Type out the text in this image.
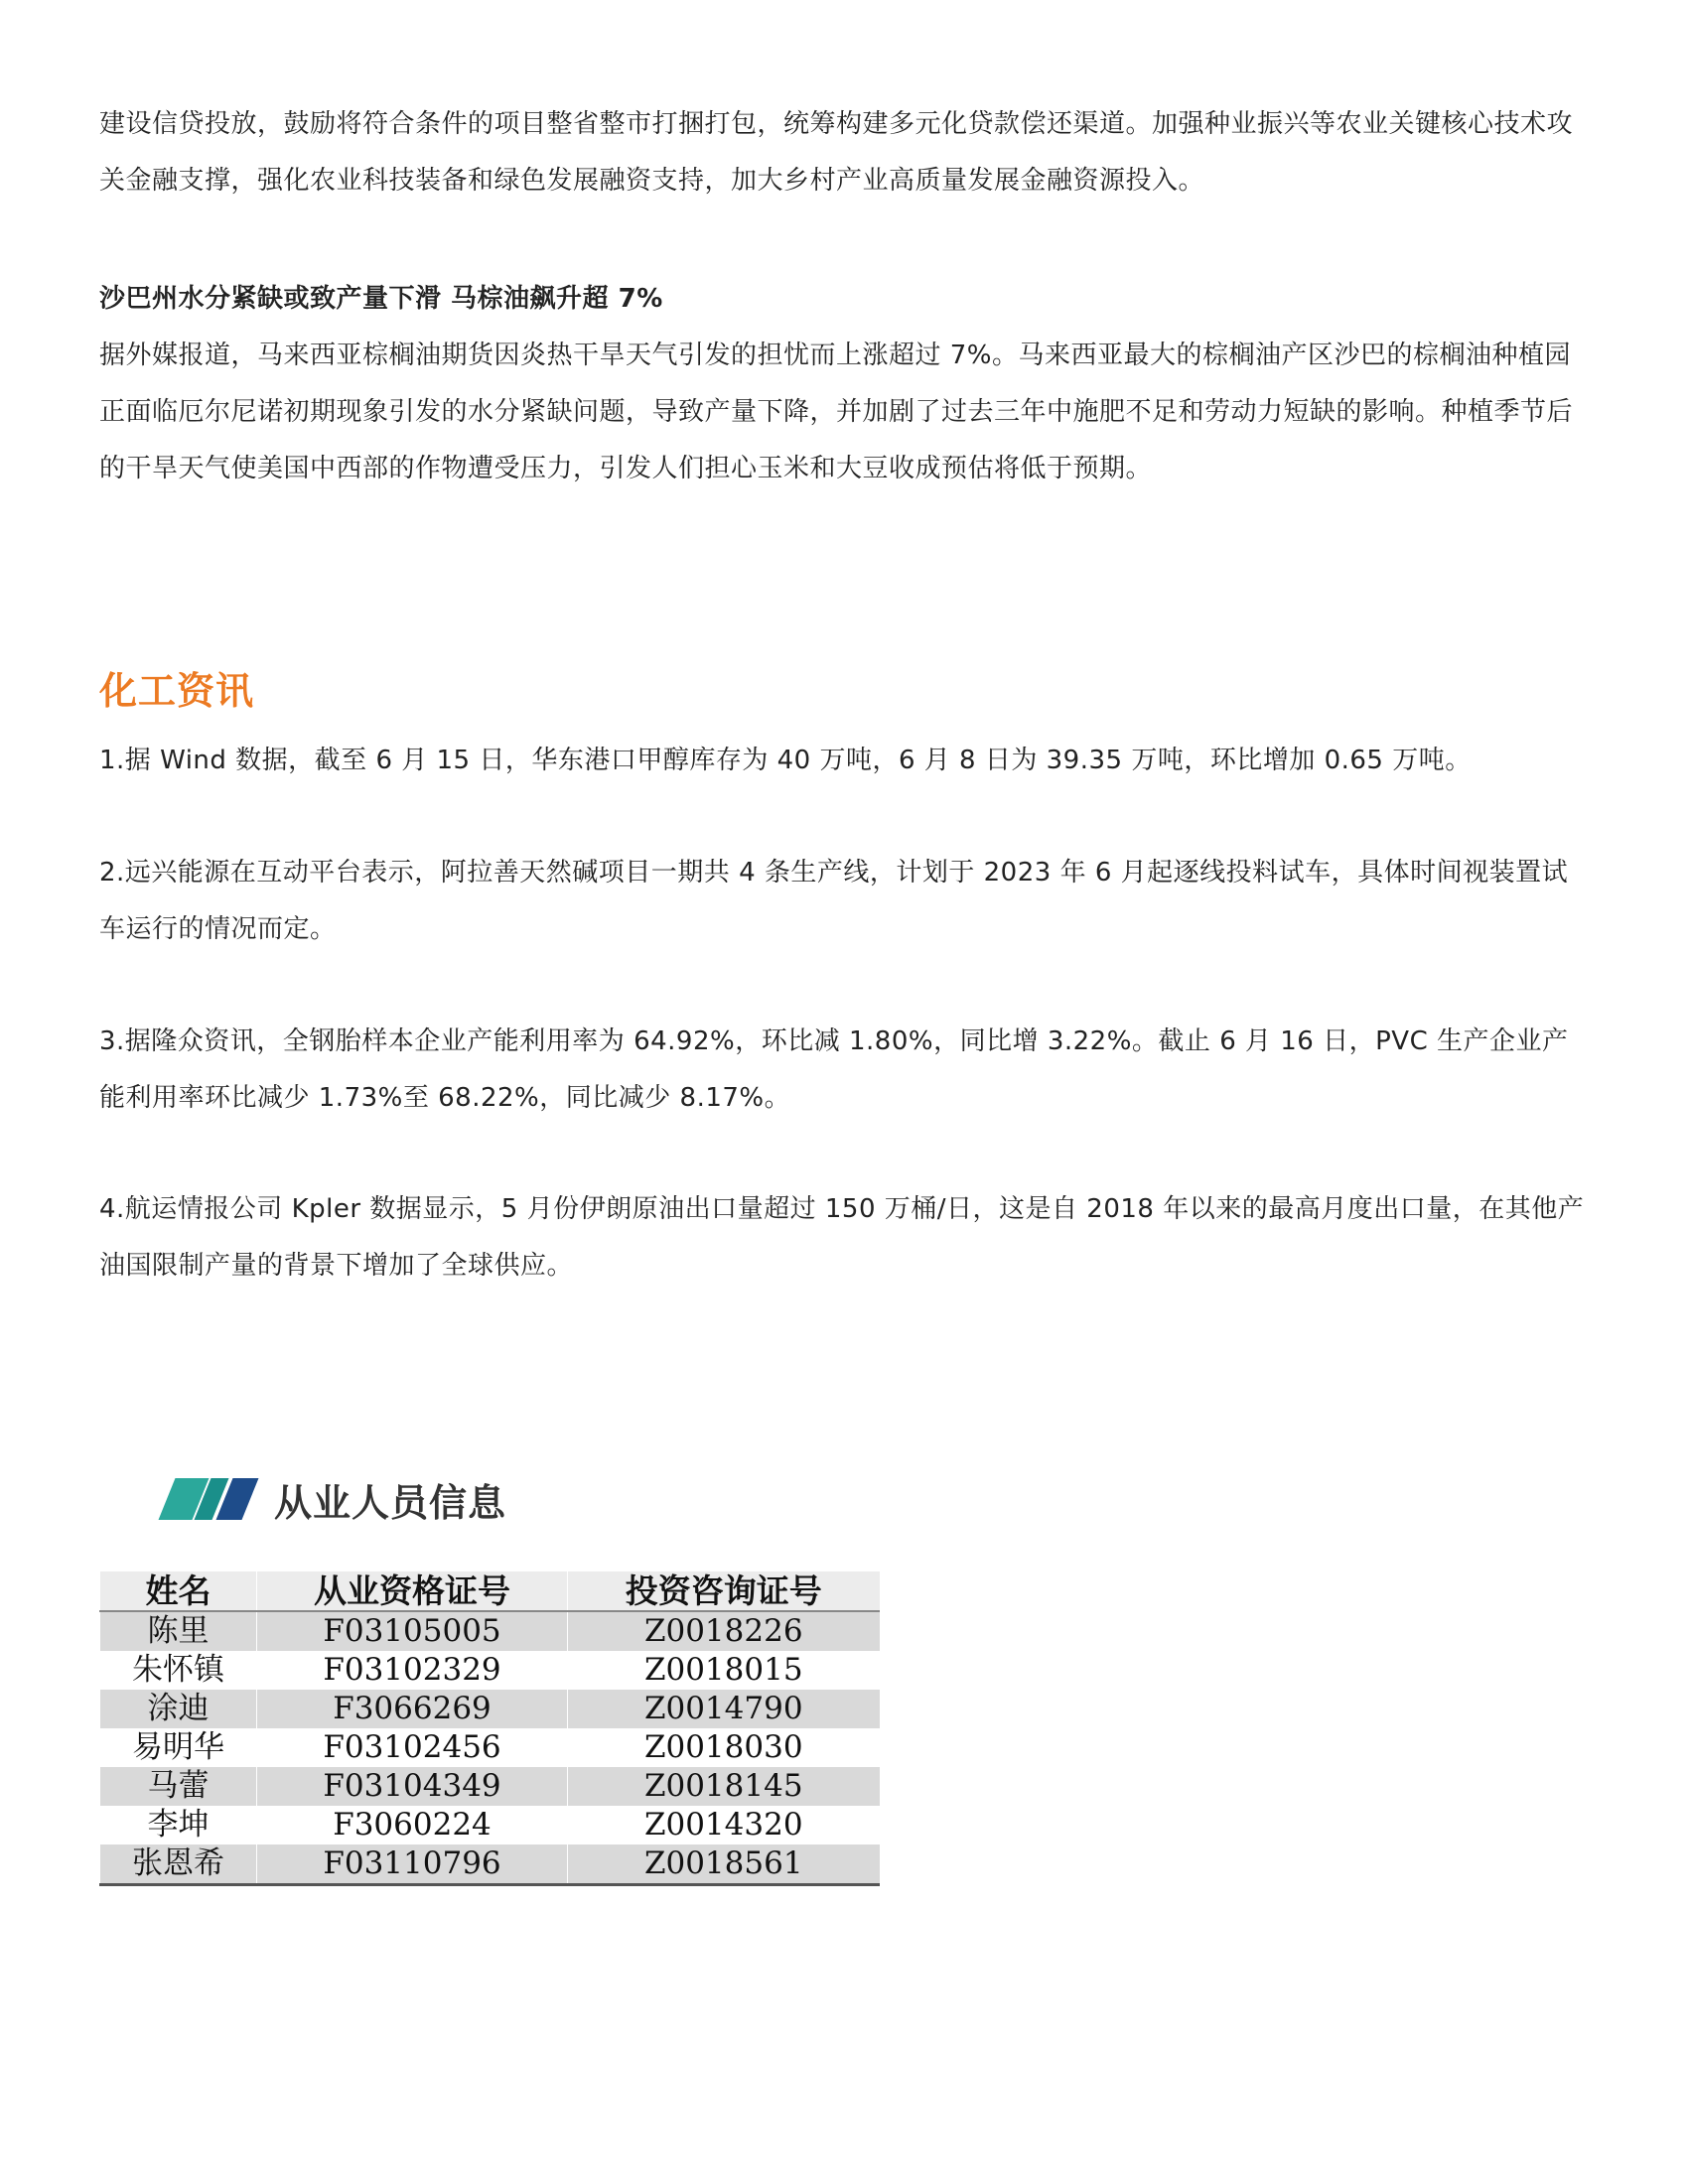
建设信贷投放，鼓励将符合条件的项目整省整市打捆打包，统筹构建多元化贷款偿还渠道。加强种业振兴等农业关键核心技术攻关金融支撑，强化农业科技装备和绿色发展融资支持，加大乡村产业高质量发展金融资源投入。
沙巴州水分紧缺或致产量下滑 马棕油飙升超 7%
据外媒报道，马来西亚棕榈油期货因炎热干旱天气引发的担忧而上涨超过 7%。马来西亚最大的棕榈油产区沙巴的棕榈油种植园正面临厄尔尼诺初期现象引发的水分紧缺问题，导致产量下降，并加剧了过去三年中施肥不足和劳动力短缺的影响。种植季节后的干旱天气使美国中西部的作物遭受压力，引发人们担心玉米和大豆收成预估将低于预期。
化工资讯
1.据 Wind 数据，截至 6 月 15 日，华东港口甲醇库存为 40 万吨，6 月 8 日为 39.35 万吨，环比增加 0.65 万吨。
2.远兴能源在互动平台表示，阿拉善天然碱项目一期共 4 条生产线，计划于 2023 年 6 月起逐线投料试车，具体时间视装置试车运行的情况而定。
3.据隆众资讯，全钢胎样本企业产能利用率为 64.92%，环比减 1.80%，同比增 3.22%。截止 6 月 16 日，PVC 生产企业产能利用率环比减少 1.73%至 68.22%，同比减少 8.17%。
4.航运情报公司 Kpler 数据显示，5 月份伊朗原油出口量超过 150 万桶/日，这是自 2018 年以来的最高月度出口量，在其他产油国限制产量的背景下增加了全球供应。
从业人员信息
姓名	从业资格证号	投资咨询证号
陈里	F03105005	Z0018226
朱怀镇	F03102329	Z0018015
涂迪	F3066269	Z0014790
易明华	F03102456	Z0018030
马蕾	F03104349	Z0018145
李坤	F3060224	Z0014320
张恩希	F03110796	Z0018561
